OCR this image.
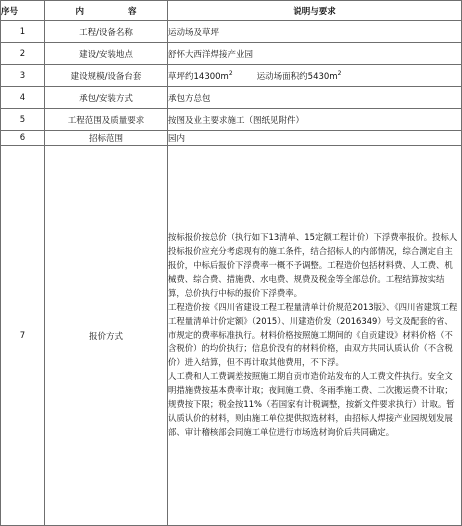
序号	内 容	说明与要求
1	工程/设备名称	运动场及草坪
2	建设/安装地点	舒怀大西洋焊接产业园
3	建设规模/设备台套	草坪约$14300m^2$ 运动场面积约$5430m^2$
4	承包/安装方式	承包方总包
5	工程范围及质量要求	按图及业主要求施工（图纸见附件）
6	招标范围	园内
7	报价方式	按标报价按总价（执行如下13清单、15定额工程计价）下浮费率报价。投标人投标报价应充分考虑现有的施工条件，结合招标人的内部情况，综合测定自主报价，中标后报价下浮费率一概不予调整。工程造价包括材料费、人工费、机械费、综合费、措施费、水电费、规费及税金等全部总价。工程结算按实结算，总价执行中标的报价下浮费率。
工程造价按《四川省建设工程工程量清单计价规范2013版》、《四川省建筑工程工程量清单计价定额》（2015）、川建造价发（2016349）号文及配套的省、市规定的费率标准执行。材料价格按照施工期间的《自贡建设》材料价格（不含税价）的均价执行；信息价没有的材料价格，由双方共同认质认价（不含税价）进入结算，但不再计取其他费用，不下浮。
人工费和人工费调差按照施工期自贡市造价站发布的人工费文件执行。安全文明措施费按基本费率计取；夜间施工费、冬雨季施工费、二次搬运费不计取；规费按下限；税金按11%（若国家有计税调整，按新文件要求执行）计取。暂认质认价的材料，则由施工单位提供拟选材料，由招标人焊接产业园规划发展部、审计稽核部会同施工单位进行市场选材询价后共同确定。
